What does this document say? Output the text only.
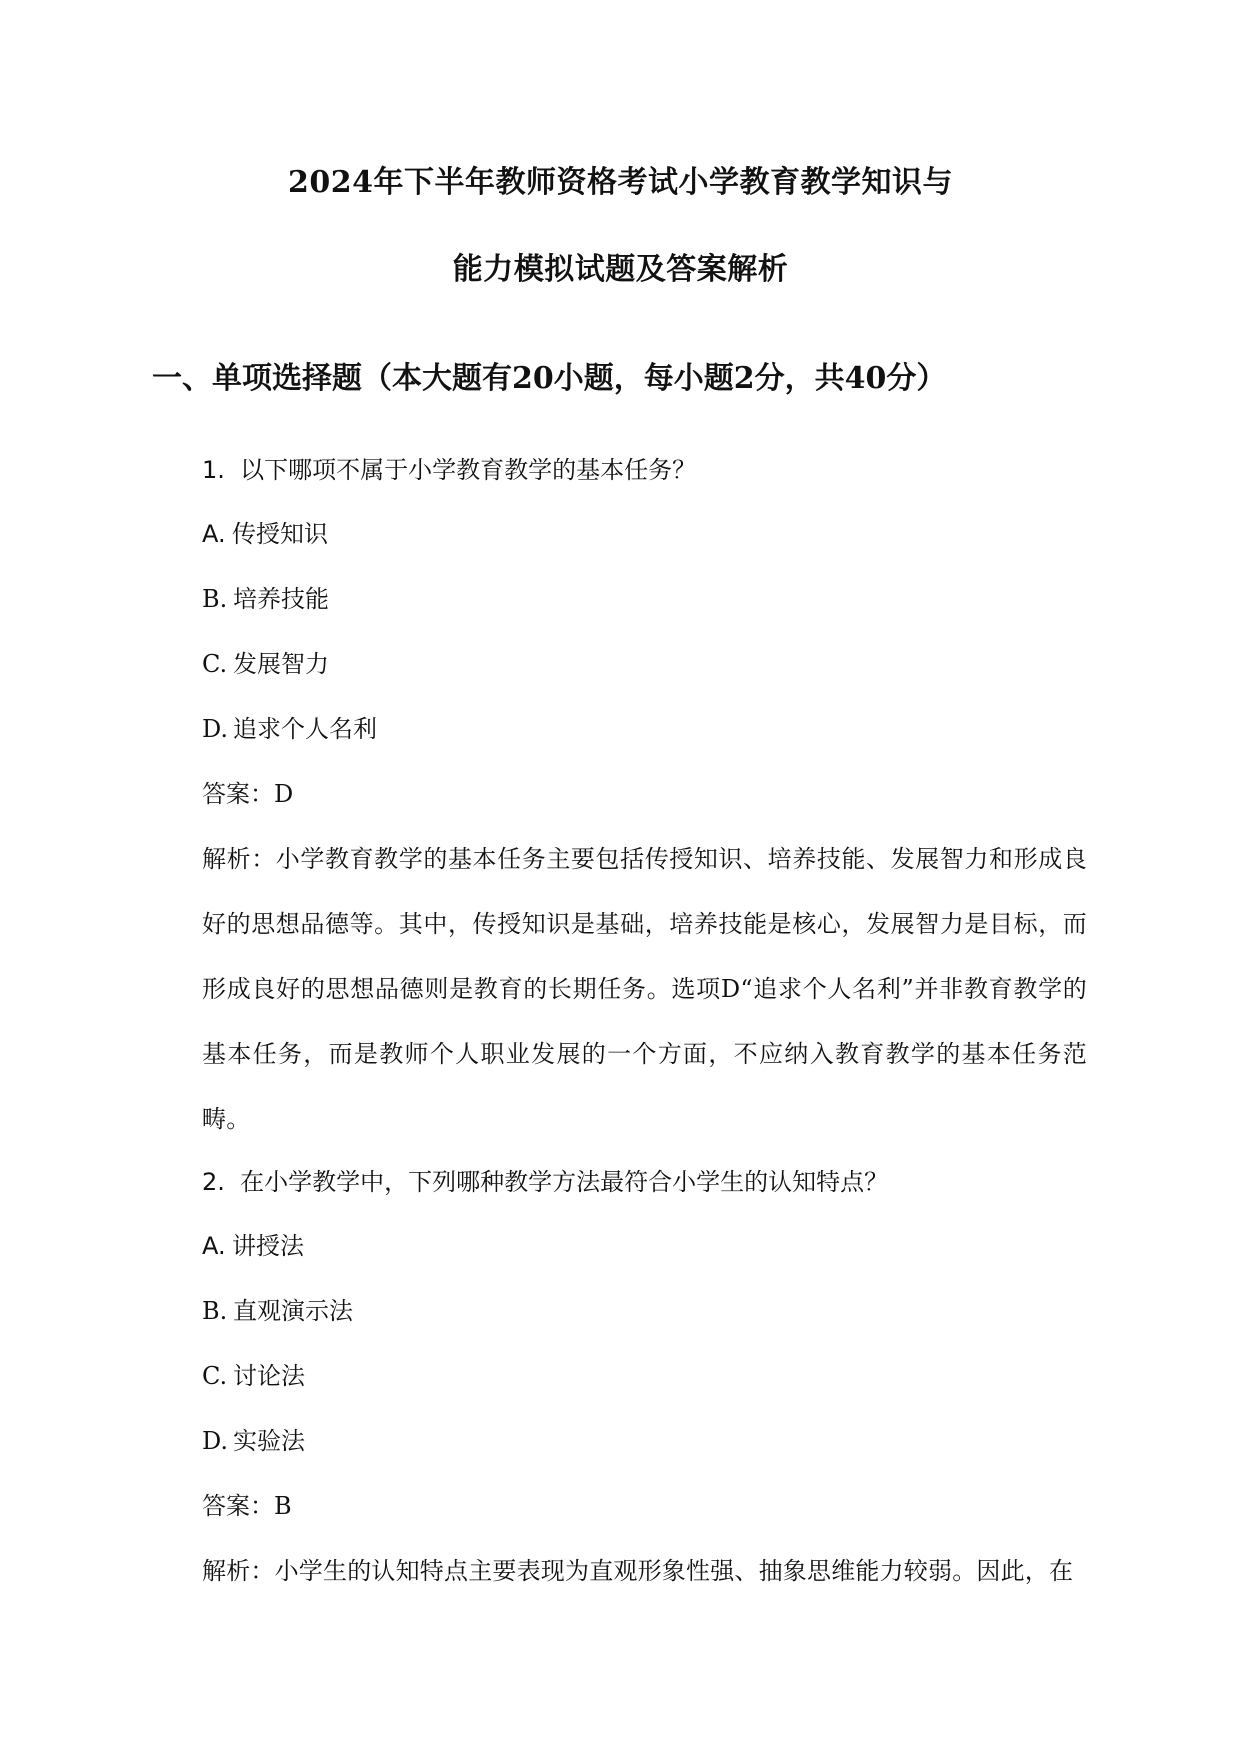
2024年下半年教师资格考试小学教育教学知识与
能力模拟试题及答案解析
一、单项选择题（本大题有20小题，每小题2分，共40分）
1. 以下哪项不属于小学教育教学的基本任务？
A. 传授知识
B. 培养技能
C. 发展智力
D. 追求个人名利
答案：D
解析：小学教育教学的基本任务主要包括传授知识、培养技能、发展智力和形成良好的思想品德等。其中，传授知识是基础，培养技能是核心，发展智力是目标，而形成良好的思想品德则是教育的长期任务。选项D“追求个人名利”并非教育教学的基本任务，而是教师个人职业发展的一个方面，不应纳入教育教学的基本任务范畴。
2. 在小学教学中，下列哪种教学方法最符合小学生的认知特点？
A. 讲授法
B. 直观演示法
C. 讨论法
D. 实验法
答案：B
解析：小学生的认知特点主要表现为直观形象性强、抽象思维能力较弱。因此，在
